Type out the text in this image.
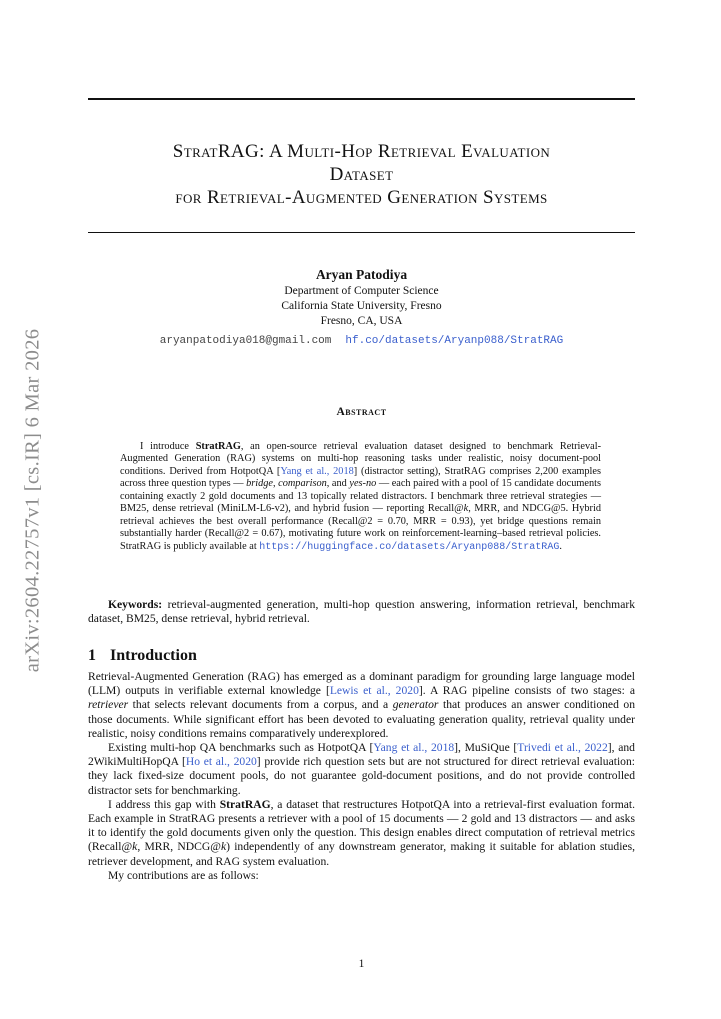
arXiv:2604.22757v1 [cs.IR] 6 Mar 2026
StratRAG: A Multi-Hop Retrieval Evaluation
Dataset
for Retrieval-Augmented Generation Systems
Aryan Patodiya
Department of Computer Science
California State University, Fresno
Fresno, CA, USA
aryanpatodiya018@gmail.com hf.co/datasets/Aryanp088/StratRAG
Abstract
I introduce StratRAG, an open-source retrieval evaluation dataset designed to benchmark Retrieval-Augmented Generation (RAG) systems on multi-hop reasoning tasks under realistic, noisy document-pool conditions. Derived from HotpotQA [Yang et al., 2018] (distractor setting), StratRAG comprises 2,200 examples across three question types — bridge, comparison, and yes-no — each paired with a pool of 15 candidate documents containing exactly 2 gold documents and 13 topically related distractors. I benchmark three retrieval strategies — BM25, dense retrieval (MiniLM-L6-v2), and hybrid fusion — reporting Recall@k, MRR, and NDCG@5. Hybrid retrieval achieves the best overall performance (Recall@2 = 0.70, MRR = 0.93), yet bridge questions remain substantially harder (Recall@2 = 0.67), motivating future work on reinforcement-learning–based retrieval policies. StratRAG is publicly available at https://huggingface.co/datasets/Aryanp088/StratRAG.
Keywords: retrieval-augmented generation, multi-hop question answering, information retrieval, benchmark dataset, BM25, dense retrieval, hybrid retrieval.
1 Introduction

Retrieval-Augmented Generation (RAG) has emerged as a dominant paradigm for grounding large language model (LLM) outputs in verifiable external knowledge [Lewis et al., 2020]. A RAG pipeline consists of two stages: a retriever that selects relevant documents from a corpus, and a generator that produces an answer conditioned on those documents. While significant effort has been devoted to evaluating generation quality, retrieval quality under realistic, noisy conditions remains comparatively underexplored.

Existing multi-hop QA benchmarks such as HotpotQA [Yang et al., 2018], MuSiQue [Trivedi et al., 2022], and 2WikiMultiHopQA [Ho et al., 2020] provide rich question sets but are not structured for direct retrieval evaluation: they lack fixed-size document pools, do not guarantee gold-document positions, and do not provide controlled distractor sets for benchmarking.

I address this gap with StratRAG, a dataset that restructures HotpotQA into a retrieval-first evaluation format. Each example in StratRAG presents a retriever with a pool of 15 documents — 2 gold and 13 distractors — and asks it to identify the gold documents given only the question. This design enables direct computation of retrieval metrics (Recall@k, MRR, NDCG@k) independently of any downstream generator, making it suitable for ablation studies, retriever development, and RAG system evaluation.

My contributions are as follows:

1
